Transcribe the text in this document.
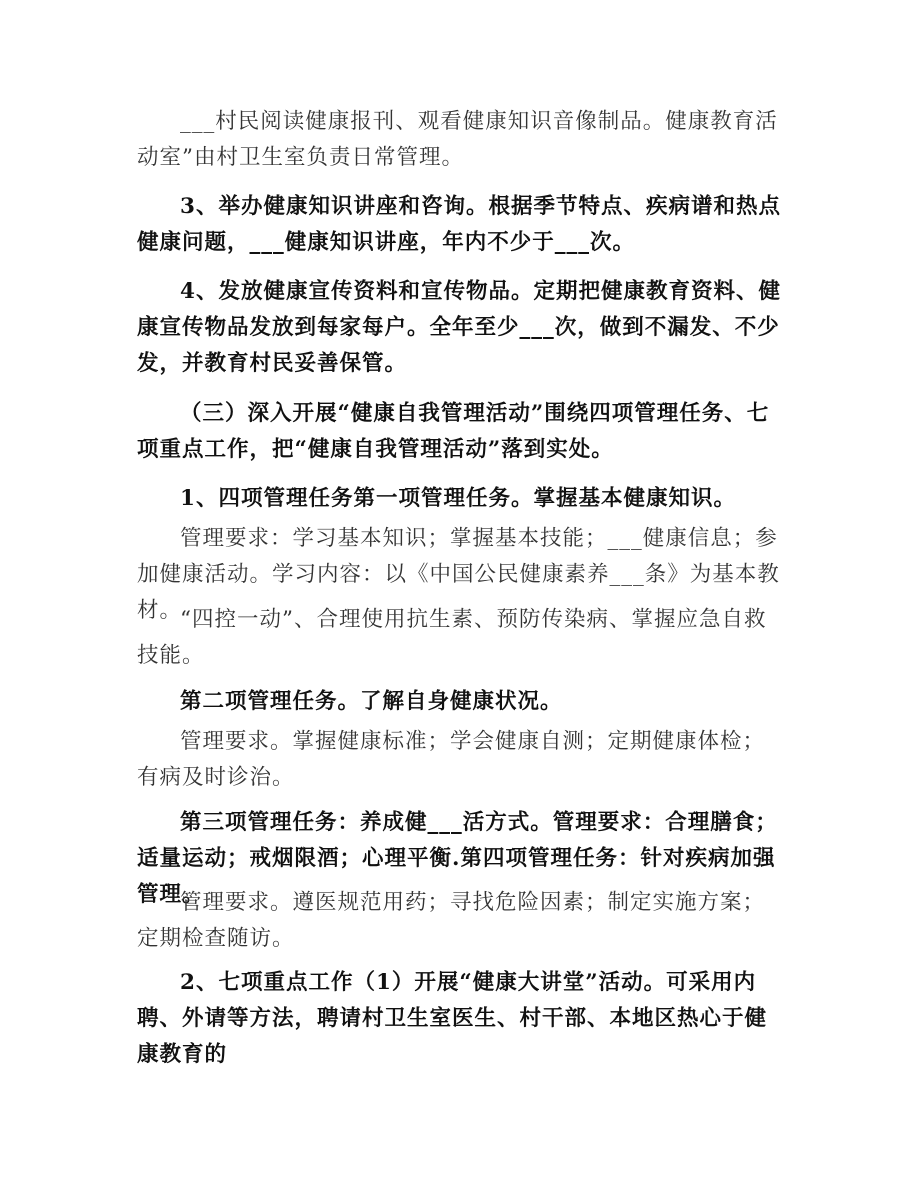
___村民阅读健康报刊、观看健康知识音像制品。健康教育活动室”由村卫生室负责日常管理。

3、举办健康知识讲座和咨询。根据季节特点、疾病谱和热点健康问题，___健康知识讲座，年内不少于___次。

4、发放健康宣传资料和宣传物品。定期把健康教育资料、健康宣传物品发放到每家每户。全年至少___次，做到不漏发、不少发，并教育村民妥善保管。

（三）深入开展“健康自我管理活动”围绕四项管理任务、七项重点工作，把“健康自我管理活动”落到实处。

1、四项管理任务第一项管理任务。掌握基本健康知识。

管理要求：学习基本知识；掌握基本技能；___健康信息；参加健康活动。学习内容：以《中国公民健康素养___条》为基本教材。

“四控一动”、合理使用抗生素、预防传染病、掌握应急自救技能。

第二项管理任务。了解自身健康状况。

管理要求。掌握健康标准；学会健康自测；定期健康体检；有病及时诊治。

第三项管理任务：养成健___活方式。管理要求：合理膳食；适量运动；戒烟限酒；心理平衡.第四项管理任务：针对疾病加强管理。

管理要求。遵医规范用药；寻找危险因素；制定实施方案；定期检查随访。

2、七项重点工作（1）开展“健康大讲堂”活动。可采用内聘、外请等方法，聘请村卫生室医生、村干部、本地区热心于健康教育的
